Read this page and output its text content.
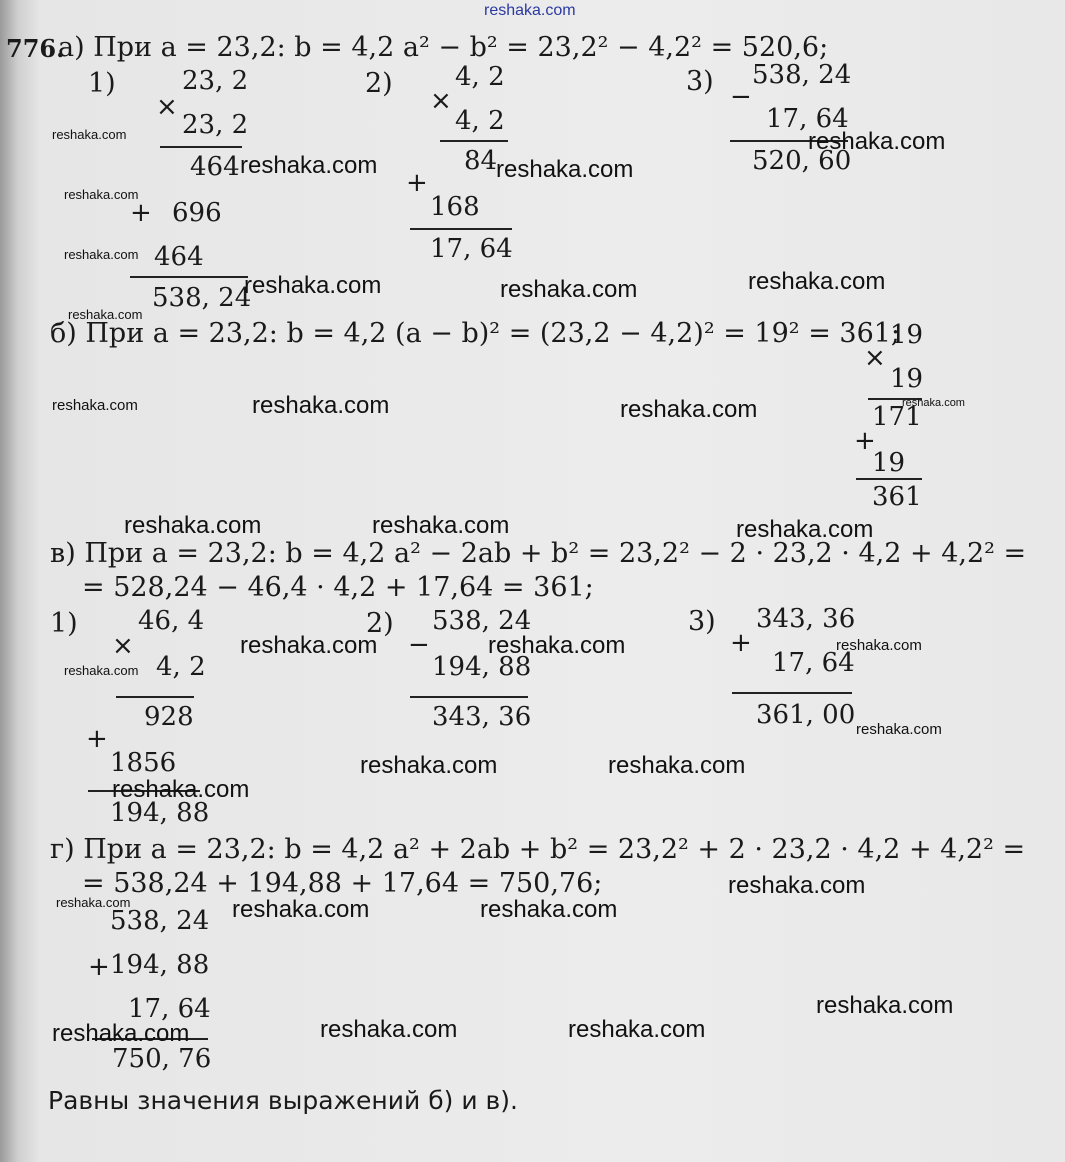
reshaka.com
776.
а) При a = 23,2: b = 4,2 a² − b² = 23,2² − 4,2² = 520,6;
1)
×
23, 2
23, 2
464
+ 696
464
538, 24
2)
×
4, 2
4, 2
84
+
168
17, 64
3) −
538, 24
17, 64
520, 60
б) При a = 23,2: b = 4,2 (a − b)² = (23,2 − 4,2)² = 19² = 361;
19
×
19
171
+
19
361
в) При a = 23,2: b = 4,2 a² − 2ab + b² = 23,2² − 2 · 23,2 · 4,2 + 4,2² =
= 528,24 − 46,4 · 4,2 + 17,64 = 361;
1) 46, 4
×
4, 2
928
+
1856
194, 88
2) 538, 24
−
194, 88
343, 36
3) 343, 36
+
17, 64
361, 00
г) При a = 23,2: b = 4,2 a² + 2ab + b² = 23,2² + 2 · 23,2 · 4,2 + 4,2² =
= 538,24 + 194,88 + 17,64 = 750,76;
538, 24
+ 194, 88
17, 64
750, 76
Равны значения выражений б) и в).
reshaka.com
reshaka.com	reshaka.com
reshaka.com
reshaka.com
reshaka.com
reshaka.com	reshaka.com	reshaka.com
reshaka.com
reshaka.com	reshaka.com	reshaka.com	reshaka.com
reshaka.com	reshaka.com	reshaka.com
reshaka.com	reshaka.com	reshaka.com
reshaka.com
reshaka.com
reshaka.com	reshaka.com
reshaka.com
reshaka.com
reshaka.com	reshaka.com	reshaka.com
reshaka.com
reshaka.com	reshaka.com	reshaka.com
